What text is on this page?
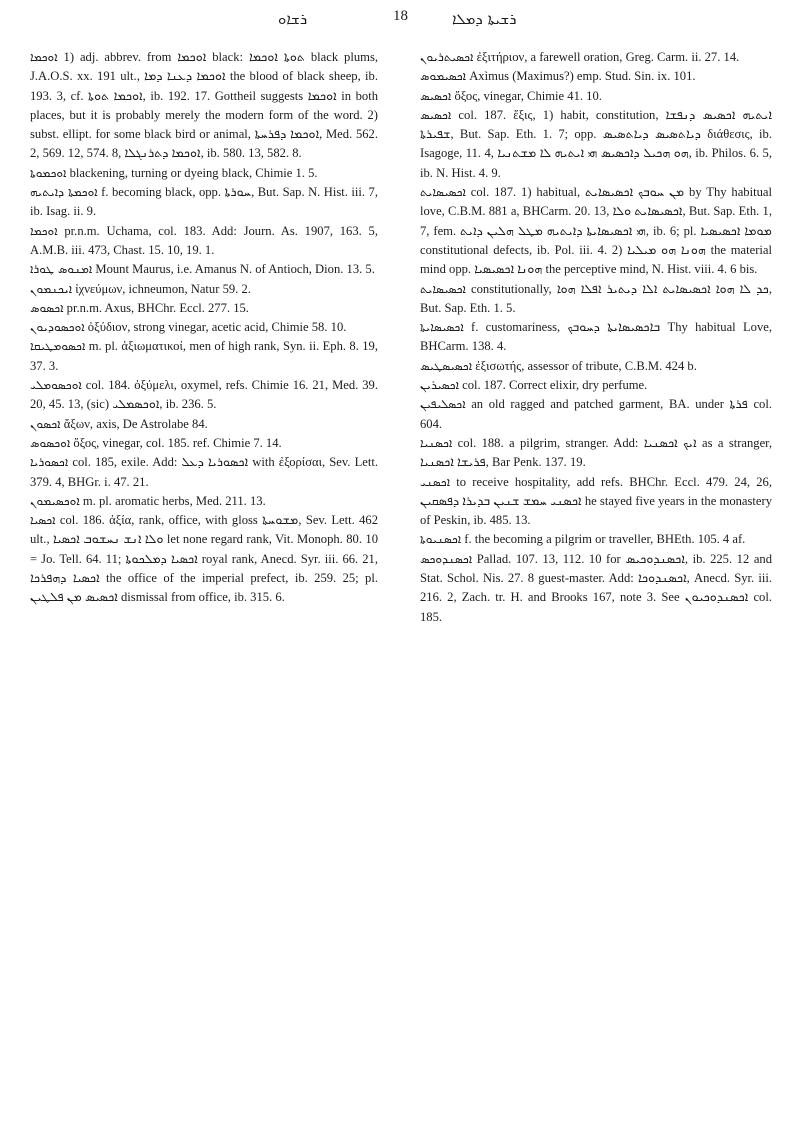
ܪܫܐܘ	18	ܪܫܝܬܐ ܕܡܠܐ

ܐܘܟܡܐ 1) adj. abbrev. from ܐܘܟܡܐ black: ܬܘܬܐ ܐܘܟܡܐ black plums, J.A.O.S. xx. 191 ult., ܐܘܟܡܐ ܕܥܢܐ ܕܡܐ the blood of black sheep, ib. 193. 3, cf. ܐܘܟܡܐ ܬܘܬܐ, ib. 192. 17. Gottheil suggests ܐܘܟܡܐ in both places, but it is probably merely the modern form of the word. 2) subst. ellipt. for some black bird or animal, ܐܘܟܡܐ ܕܦܪܚܬܐ, Med. 562. 2, 569. 12, 574. 8, ܐܘܟܡܐ ܕܬܪܢܓܠܐ, ib. 580. 13, 582. 8.

ܐܘܟܡܘܬܐ blackening, turning or dyeing black, Chimie 1. 5.

ܐܘܟܡܬܐ ܕܐܝܬܝܗ f. becoming black, opp. ܚܘܪܬܐ, But. Sap. N. Hist. iii. 7, ib. Isag. ii. 9.

ܐܘܟܡܐ pr.n.m. Uchama, col. 183. Add: Journ. As. 1907, 163. 5, A.M.B. iii. 473, Chast. 15. 10, 19. 1.

ܐܡܢܘܣ ܛܘܪܐ Mount Maurus, i.e. Amanus N. of Antioch, Dion. 13. 5.

ܐܝܟܢܡܘܢ ἰχνεύμων, ichneumon, Natur 59. 2.

ܐܟܣܘܣ pr.n.m. Axus, BHChr. Eccl. 277. 15.

ܐܘܟܣܘܕܝܘܢ ὀξύδιον, strong vinegar, acetic acid, Chimie 58. 10.

ܐܟܣܘܡܛܝܩܐ m. pl. ἀξιωματικοί, men of high rank, Syn. ii. Eph. 8. 19, 37. 3.

ܐܘܟܣܘܡܠܝ col. 184. ὀξύμελι, oxymel, refs. Chimie 16. 21, Med. 39. 20, 45. 13, (sic) ܐܘܟܣܡܠܝ, ib. 236. 5.

ܐܟܣܘܢ ἄξων, axis, De Astrolabe 84.

ܐܘܟܣܘܣ ὄξος, vinegar, col. 185. ref. Chimie 7. 14.

ܐܟܣܘܪܝܐ col. 185, exile. Add: ܐܟܣܘܪܝܐ ܕܥܠ with ἐξορίσαι, Sev. Lett. 379. 4, BHGr. i. 47. 21.

ܐܘܟܣܝܡܘܢ m. pl. aromatic herbs, Med. 211. 13.

ܐܟܣܝܐ col. 186. ἀξία, rank, office, with gloss ܡܫܘܚܬܐ, Sev. Lett. 462 ult., ܘܠܐ ܐܢܫ ܢܚܫܘܒ ܐܟܣܝܐ let none regard rank, Vit. Monoph. 80. 10 = Jo. Tell. 64. 11; ܐܟܣܝܐ ܕܡܠܟܘܬܐ royal rank, Anecd. Syr. iii. 66. 21, ܐܟܣܝܐ ܕܗܦܪܟܐ the office of the imperial prefect, ib. 259. 25; pl. ܐܟܣܝܣ ܡܢ ܦܠܛܝܢ dismissal from office, ib. 315. 6.

ܐܟܣܝܬܪܝܘܢ ἐξιτήριον, a farewell oration, Greg. Carm. ii. 27. 14.

ܐܟܣܝܡܘܣ Axìmus (Maximus?) emp. Stud. Sin. ix. 101.

ܐܟܣܝܣ ὄξος, vinegar, Chimie 41. 10.

ܐܟܣܝܣ col. 187. ἕξις, 1) habit, constitution, ܐܝܬܝܗ ܐܟܣܝܣ ܕܢܦܫܐ ܫܦܝܪܬܐ, But. Sap. Eth. 1. 7; opp. ܕܝܐܬܣܝܣ ܕܝܐܬܣܝܣ διάθεσις, ib. Isagoge, 11. 4, ܗܘ ܗܟܝܠ ܕܐܟܣܝܣ ܗܝ ܐܝܬܝܗ ܠܐ ܡܫܬܢܝܐ, ib. Philos. 6. 5, ib. N. Hist. 4. 9.

ܐܟܣܝܣܐܝܬ col. 187. 1) habitual, ܡܢ ܚܘܒܟ ܐܟܣܝܣܐܝܬ by Thy habitual love, C.B.M. 881 a, BHCarm. 20. 13, ܐܟܣܝܣܐܝܬ ܘܠܐ, But. Sap. Eth. 1, 7, fem. ܗܝ ܐܟܣܝܣܐܝܬܐ ܕܐܝܬܝܗ ܡܛܠ ܗܠܝܢ ܕܐܝܬ, ib. 6; pl. ܡܘܡܐ ܐܟܣܝܣܝܐ constitutional defects, ib. Pol. iii. 4. 2) ܗܘܢܐ ܗܘ ܡܝܠܝܐ the material mind opp. ܗܘܢܐ ܐܟܣܝܣܝܐ the perceptive mind, N. Hist. viii. 4. 6 bis.

ܐܟܣܝܣܐܝܬ constitutionally, ܟܕ ܠܐ ܗܘܐ ܐܟܣܝܣܐܝܬ ܐܠܐ ܕܝܬܝܪ ܐܦܠܐ ܗܘܐ, But. Sap. Eth. 1. 5.

ܐܟܣܝܣܐܝܬܐ f. customariness, ܒܐܟܣܝܣܐܝܬܐ ܕܚܘܒܟ Thy habitual Love, BHCarm. 138. 4.

ܐܟܣܝܣܛܝܣ ἐξισωτής, assessor of tribute, C.B.M. 424 b.

ܐܟܣܝܪܝܢ col. 187. Correct elixir, dry perfume.

ܐܟܣܠܝܦܝܢ an old ragged and patched garment, BA. under ܦܪܬܐ col. 604.

ܐܟܣܢܝܐ col. 188. a pilgrim, stranger. Add: ܐܝܟ ܐܟܣܢܝܐ as a stranger, ܦܪܝܫܐ ܐܟܣܢܝܐ, Bar Penk. 137. 19.

ܐܟܣܢܝ to receive hospitality, add refs. BHChr. Eccl. 479. 24, 26, ܐܟܣܢܝ ܚܡܫ ܫܢܝܢ ܒܕܝܪܐ ܕܦܣܩܝܢ he stayed five years in the monastery of Peskin, ib. 485. 13.

ܐܟܣܢܝܘܬܐ f. the becoming a pilgrim or traveller, BHEth. 105. 4 af.

ܐܟܣܢܕܘܟܣ Pallad. 107. 13, 112. 10 for ܐܟܣܢܕܘܟܝܣ, ib. 225. 12 and Stat. Schol. Nis. 27. 8 guest-master. Add: ܐܟܣܢܕܘܟܐ, Anecd. Syr. iii. 216. 2, Zach. tr. H. and Brooks 167, note 3. See ܐܟܣܢܕܘܟܝܘܢ col. 185.
